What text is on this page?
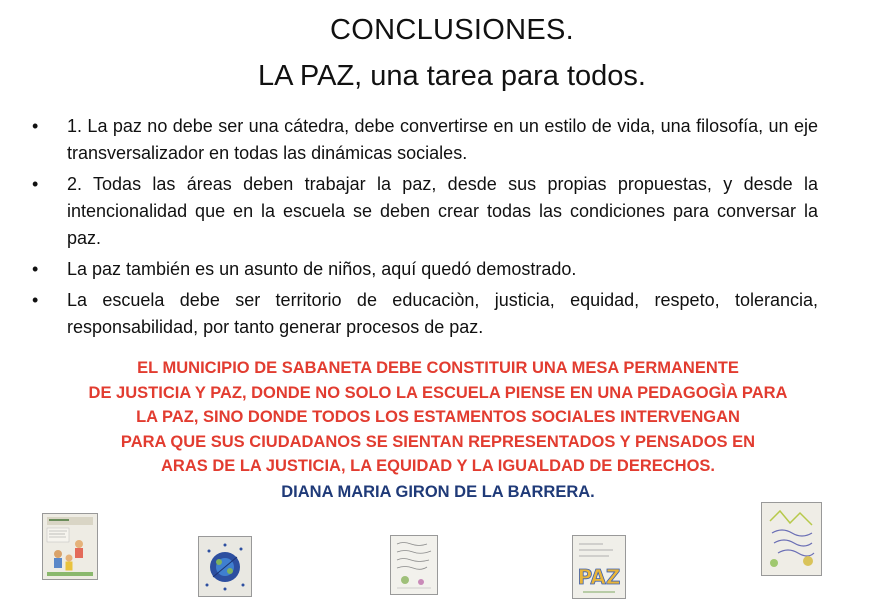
CONCLUSIONES.
LA PAZ, una tarea para todos.
• 1. La paz no debe ser una cátedra, debe convertirse en un estilo de vida, una filosofía, un eje transversalizador en todas las dinámicas sociales.
• 2. Todas las áreas deben trabajar la paz, desde sus propias propuestas, y desde la intencionalidad que en la escuela se deben crear todas las condiciones para conversar la paz.
• La paz también es un asunto de niños, aquí quedó demostrado.
• La escuela debe ser territorio de educaciòn, justicia, equidad, respeto, tolerancia, responsabilidad, por tanto generar procesos de paz.
EL MUNICIPIO DE SABANETA DEBE CONSTITUIR UNA MESA PERMANENTE
DE JUSTICIA Y PAZ, DONDE NO SOLO LA ESCUELA PIENSE EN UNA PEDAGOGÌA PARA
LA PAZ, SINO DONDE TODOS LOS ESTAMENTOS SOCIALES INTERVENGAN
PARA QUE SUS CIUDADANOS SE SIENTAN REPRESENTADOS Y PENSADOS EN
ARAS DE LA JUSTICIA, LA EQUIDAD Y LA IGUALDAD DE DERECHOS.
DIANA MARIA GIRON DE LA BARRERA.
PAZ
